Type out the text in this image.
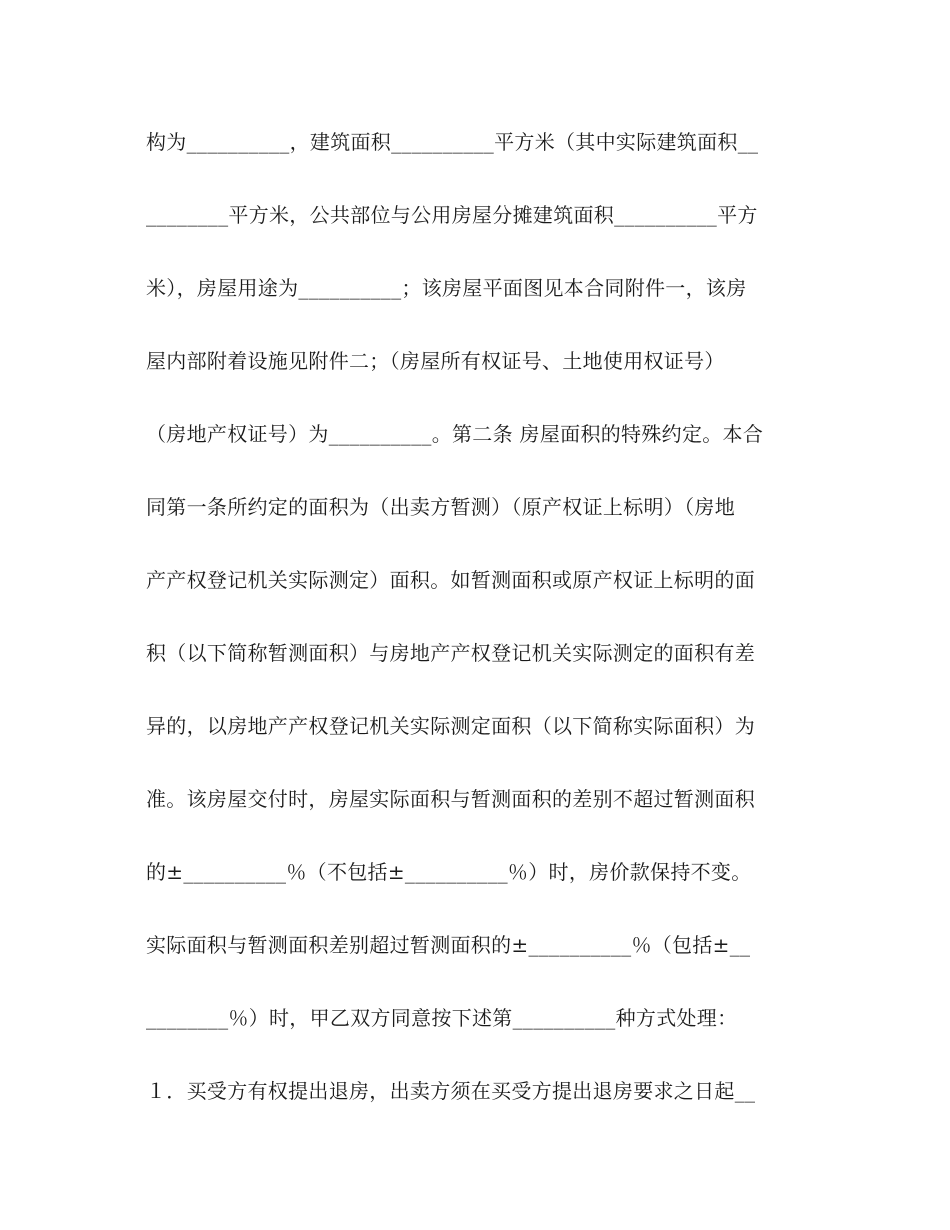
构为__________，建筑面积__________平方米（其中实际建筑面积__
________平方米，公共部位与公用房屋分摊建筑面积__________平方
米），房屋用途为__________；该房屋平面图见本合同附件一，该房
屋内部附着设施见附件二；（房屋所有权证号、土地使用权证号）
（房地产权证号）为__________。第二条 房屋面积的特殊约定。本合
同第一条所约定的面积为（出卖方暂测）（原产权证上标明）（房地
产产权登记机关实际测定）面积。如暂测面积或原产权证上标明的面
积（以下简称暂测面积）与房地产产权登记机关实际测定的面积有差
异的，以房地产产权登记机关实际测定面积（以下简称实际面积）为
准。该房屋交付时，房屋实际面积与暂测面积的差别不超过暂测面积
的±__________％（不包括±__________％）时，房价款保持不变。
实际面积与暂测面积差别超过暂测面积的±__________％（包括±__
________％）时，甲乙双方同意按下述第__________种方式处理：
１．买受方有权提出退房，出卖方须在买受方提出退房要求之日起__
